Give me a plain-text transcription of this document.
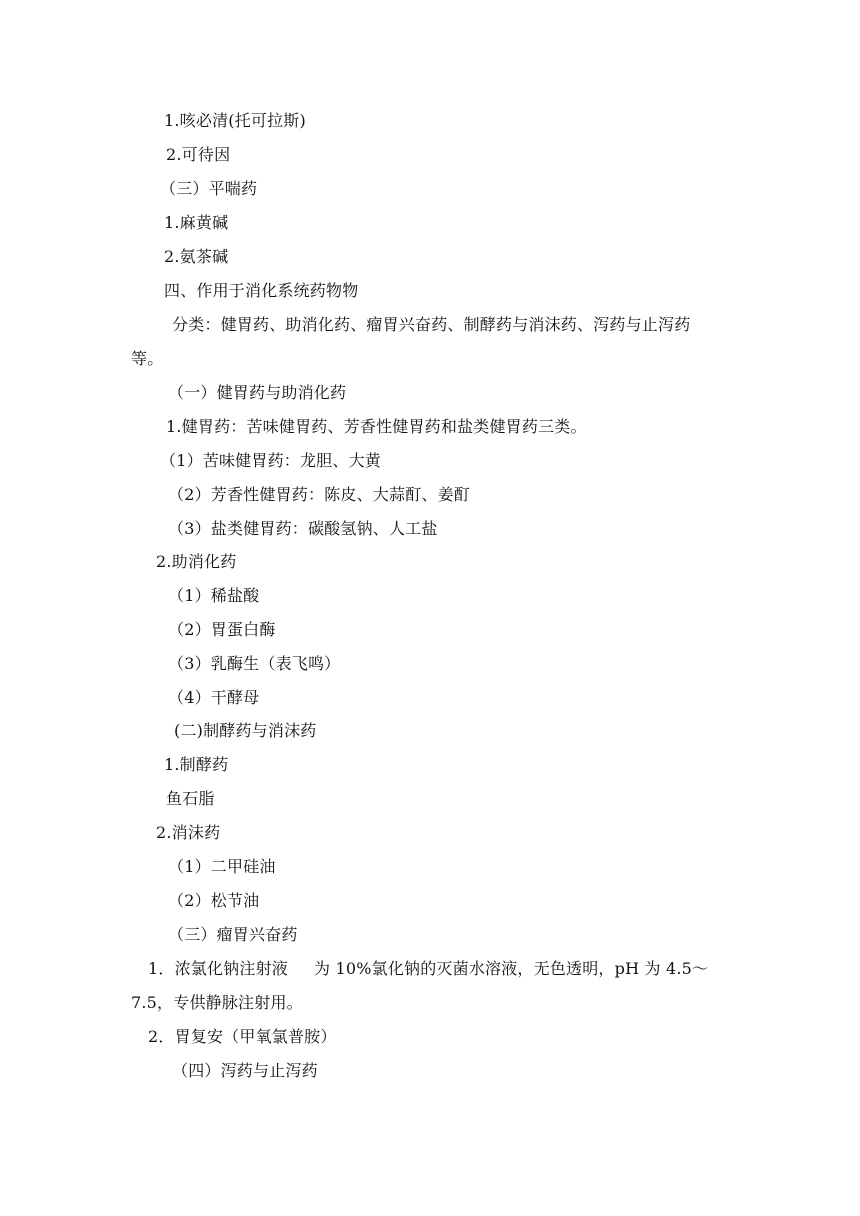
1.咳必清(托可拉斯)
2.可待因
（三）平喘药
1.麻黄碱
2.氨茶碱
四、作用于消化系统药物物
分类：健胃药、助消化药、瘤胃兴奋药、制酵药与消沫药、泻药与止泻药
等。
（一）健胃药与助消化药
1.健胃药：苦味健胃药、芳香性健胃药和盐类健胃药三类。
（1）苦味健胃药：龙胆、大黄
（2）芳香性健胃药：陈皮、大蒜酊、姜酊
（3）盐类健胃药：碳酸氢钠、人工盐
2.助消化药
（1）稀盐酸
（2）胃蛋白酶
（3）乳酶生（表飞鸣）
（4）干酵母
(二)制酵药与消沫药
1.制酵药
鱼石脂
2.消沫药
（1）二甲硅油
（2）松节油
（三）瘤胃兴奋药
1．浓氯化钠注射液 为 10%氯化钠的灭菌水溶液，无色透明，pH 为 4.5～
7.5，专供静脉注射用。
2．胃复安（甲氧氯普胺）
（四）泻药与止泻药
